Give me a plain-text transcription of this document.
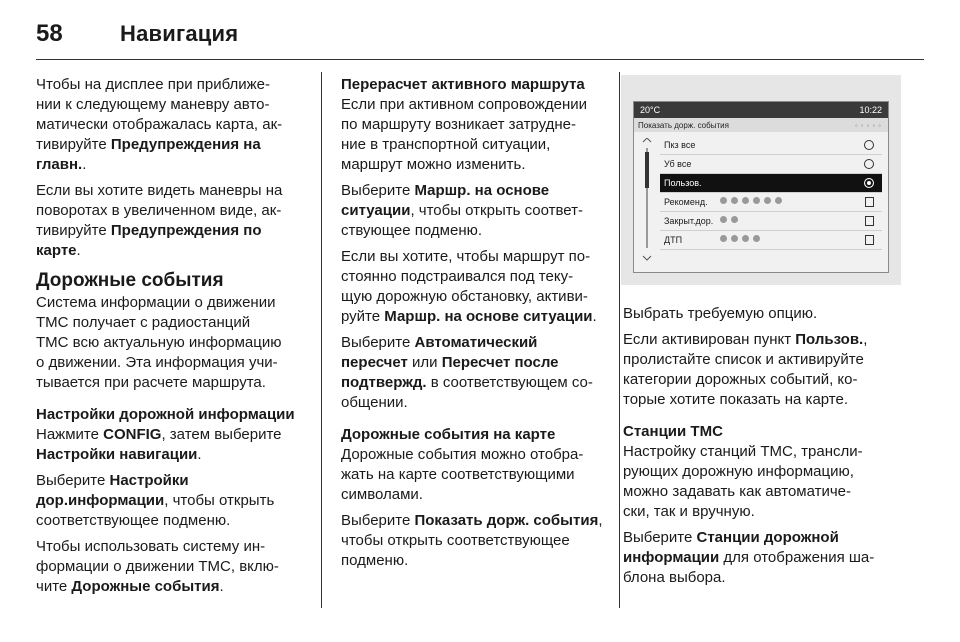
58	Навигация

Чтобы на дисплее при приближе-
нии к следующему маневру авто-
матически отображалась карта, ак-
тивируйте Предупреждения на
главн..

Если вы хотите видеть маневры на
поворотах в увеличенном виде, ак-
тивируйте Предупреждения по
карте.

Дорожные события

Система информации о движении
TMC получает с радиостанций
TMC всю актуальную информацию
о движении. Эта информация учи-
тывается при расчете маршрута.

Настройки дорожной информации

Нажмите CONFIG, затем выберите
Настройки навигации.

Выберите Настройки
дор.информации, чтобы открыть
соответствующее подменю.

Чтобы использовать систему ин-
формации о движении TMC, вклю-
чите Дорожные события.

Перерасчет активного маршрута

Если при активном сопровождении
по маршруту возникает затрудне-
ние в транспортной ситуации,
маршрут можно изменить.

Выберите Маршр. на основе
ситуации, чтобы открыть соответ-
ствующее подменю.

Если вы хотите, чтобы маршрут по-
стоянно подстраивался под теку-
щую дорожную обстановку, активи-
руйте Маршр. на основе ситуации.

Выберите Автоматический
пересчет или Пересчет после
подтвержд. в соответствующем со-
общении.

Дорожные события на карте

Дорожные события можно отобра-
жать на карте соответствующими
символами.

Выберите Показать дорж. события,
чтобы открыть соответствующее
подменю.

20°C	10:22
Показать дорж. события	◦◦◦◦◦
Пкз все
Уб все
Пользов.
Рекоменд.
Закрыт.дор.
ДТП

Выбрать требуемую опцию.

Если активирован пункт Пользов.,
пролистайте список и активируйте
категории дорожных событий, ко-
торые хотите показать на карте.

Станции TMC

Настройку станций TMC, трансли-
рующих дорожную информацию,
можно задавать как автоматиче-
ски, так и вручную.

Выберите Станции дорожной
информации для отображения ша-
блона выбора.
